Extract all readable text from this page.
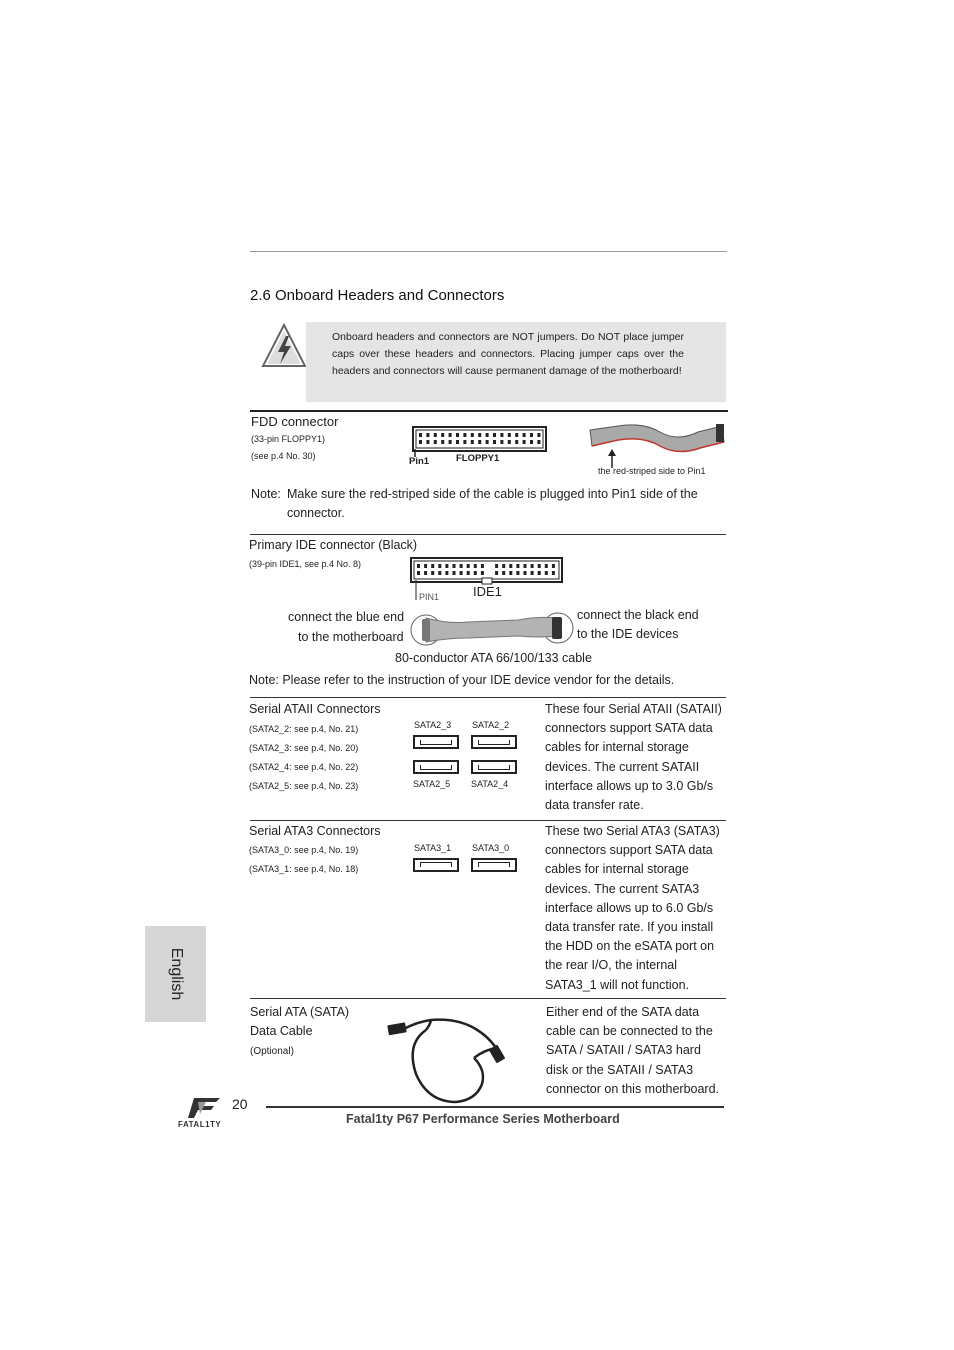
2.6 Onboard Headers and Connectors
Onboard headers and connectors are NOT jumpers. Do NOT place jumper caps over these headers and connectors. Placing jumper caps over the headers and connectors will cause permanent damage of the motherboard!
FDD connector
(33-pin FLOPPY1)
(see p.4 No. 30)	Pin1	FLOPPY1
the red-striped side to Pin1
Note: Make sure the red-striped side of the cable is plugged into Pin1 side of the connector.
Primary IDE connector (Black)
(39-pin IDE1, see p.4 No. 8)
PIN1	IDE1
connect the blue end
to the motherboard
connect the black end
to the IDE devices
80-conductor ATA 66/100/133 cable
Note: Please refer to the instruction of your IDE device vendor for the details.
Serial ATAII Connectors
(SATA2_2: see p.4, No. 21)
(SATA2_3: see p.4, No. 20)
(SATA2_4: see p.4, No. 22)
(SATA2_5: see p.4, No. 23)
SATA2_3 SATA2_2
SATA2_5 SATA2_4
These four Serial ATAII (SATAII)
connectors support SATA data
cables for internal storage
devices. The current SATAII
interface allows up to 3.0 Gb/s
data transfer rate.
Serial ATA3 Connectors
(SATA3_0: see p.4, No. 19)
(SATA3_1: see p.4, No. 18)
SATA3_1 SATA3_0
These two Serial ATA3 (SATA3)
connectors support SATA data
cables for internal storage
devices. The current SATA3
interface allows up to 6.0 Gb/s
data transfer rate. If you install
the HDD on the eSATA port on
the rear I/O, the internal
SATA3_1 will not function.
Serial ATA (SATA)
Data Cable
(Optional)
Either end of the SATA data
cable can be connected to the
SATA / SATAII / SATA3 hard
disk or the SATAII / SATA3
connector on this motherboard.
English
FATAL1TY
20
Fatal1ty P67 Performance Series Motherboard
